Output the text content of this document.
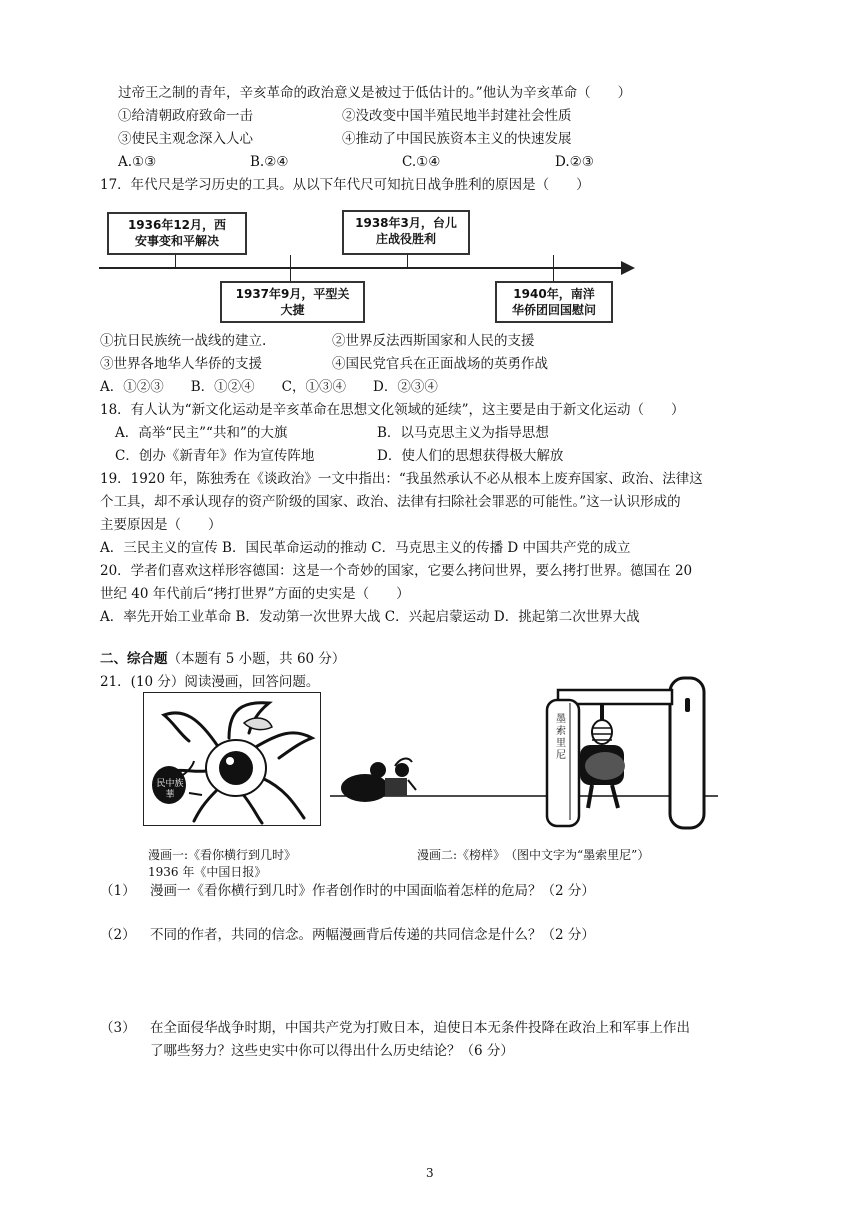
过帝王之制的青年，辛亥革命的政治意义是被过于低估计的。”他认为辛亥革命（　　）
①给清朝政府致命一击	②没改变中国半殖民地半封建社会性质
③使民主观念深入人心	④推动了中国民族资本主义的快速发展
A.①③	B.②④	C.①④	D.②③
17．年代尺是学习历史的工具。从以下年代尺可知抗日战争胜利的原因是（　　）
1936年12月，西
安事变和平解决
1938年3月，台儿
庄战役胜利
1937年9月，平型关
大捷
1940年，南洋
华侨团回国慰问
①抗日民族统一战线的建立.	②世界反法西斯国家和人民的支援
③世界各地华人华侨的支援	④国民党官兵在正面战场的英勇作战
A．①②③　　B．①②④　　C，①③④　　D．②③④
18．有人认为“新文化运动是辛亥革命在思想文化领域的延续”，这主要是由于新文化运动（　　）
A．高举“民主”“共和”的大旗	B．以马克思主义为指导思想
C．创办《新青年》作为宣传阵地	D．使人们的思想获得极大解放
19．1920 年，陈独秀在《谈政治》一文中指出：“我虽然承认不必从根本上废弃国家、政治、法律这
个工具，却不承认现存的资产阶级的国家、政治、法律有扫除社会罪恶的可能性。”这一认识形成的
主要原因是（　　）
A．三民主义的宣传 B．国民革命运动的推动 C．马克思主义的传播 D 中国共产党的成立
20．学者们喜欢这样形容德国：这是一个奇妙的国家，它要么拷问世界，要么拷打世界。德国在 20
世纪 40 年代前后“拷打世界”方面的史实是（　　）
A．率先开始工业革命 B．发动第一次世界大战 C．兴起启蒙运动 D．挑起第二次世界大战
二、综合题（本题有 5 小题，共 60 分）
21．(10 分）阅读漫画，回答问题。
民中族華
墨索里尼
漫画一:《看你横行到几时》
1936 年《中国日报》
漫画二:《榜样》　（图中文字为“墨索里尼”）
（1） 漫画一《看你横行到几时》作者创作时的中国面临着怎样的危局？（2 分）
（2） 不同的作者，共同的信念。两幅漫画背后传递的共同信念是什么？（2 分）
（3） 在全面侵华战争时期，中国共产党为打败日本，迫使日本无条件投降在政治上和军事上作出
了哪些努力？这些史实中你可以得出什么历史结论？（6 分）
3
